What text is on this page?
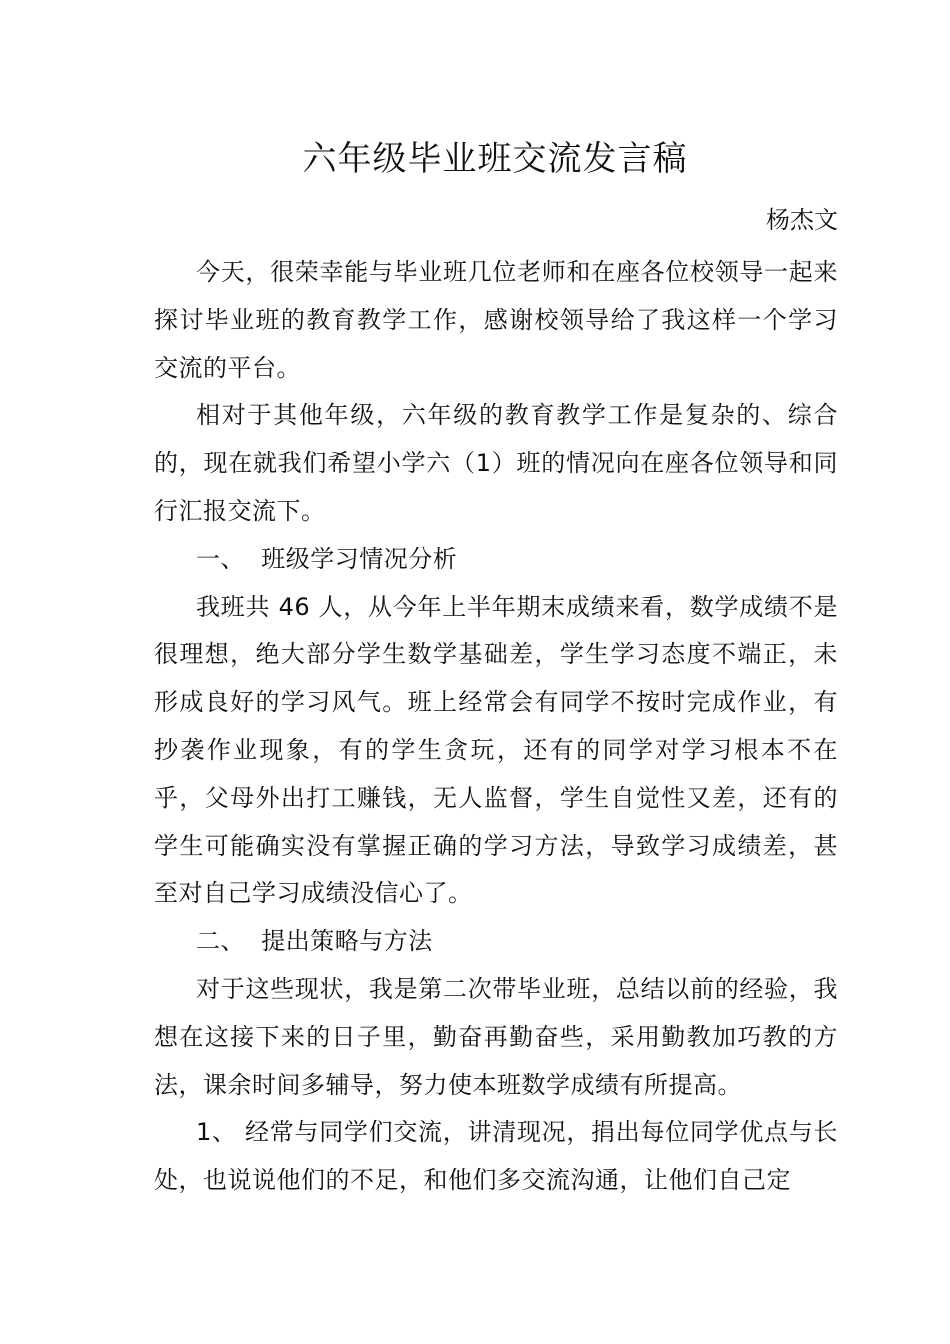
六年级毕业班交流发言稿
杨杰文

今天，很荣幸能与毕业班几位老师和在座各位校领导一起来探讨毕业班的教育教学工作，感谢校领导给了我这样一个学习交流的平台。

相对于其他年级，六年级的教育教学工作是复杂的、综合的，现在就我们希望小学六（1）班的情况向在座各位领导和同行汇报交流下。

一、  班级学习情况分析

我班共 46 人，从今年上半年期末成绩来看，数学成绩不是很理想，绝大部分学生数学基础差，学生学习态度不端正，未形成良好的学习风气。班上经常会有同学不按时完成作业，有抄袭作业现象，有的学生贪玩，还有的同学对学习根本不在乎，父母外出打工赚钱，无人监督，学生自觉性又差，还有的学生可能确实没有掌握正确的学习方法，导致学习成绩差，甚至对自己学习成绩没信心了。

二、  提出策略与方法

对于这些现状，我是第二次带毕业班，总结以前的经验，我想在这接下来的日子里，勤奋再勤奋些，采用勤教加巧教的方法，课余时间多辅导，努力使本班数学成绩有所提高。

1、 经常与同学们交流，讲清现况，捐出每位同学优点与长处，也说说他们的不足，和他们多交流沟通，让他们自己定
